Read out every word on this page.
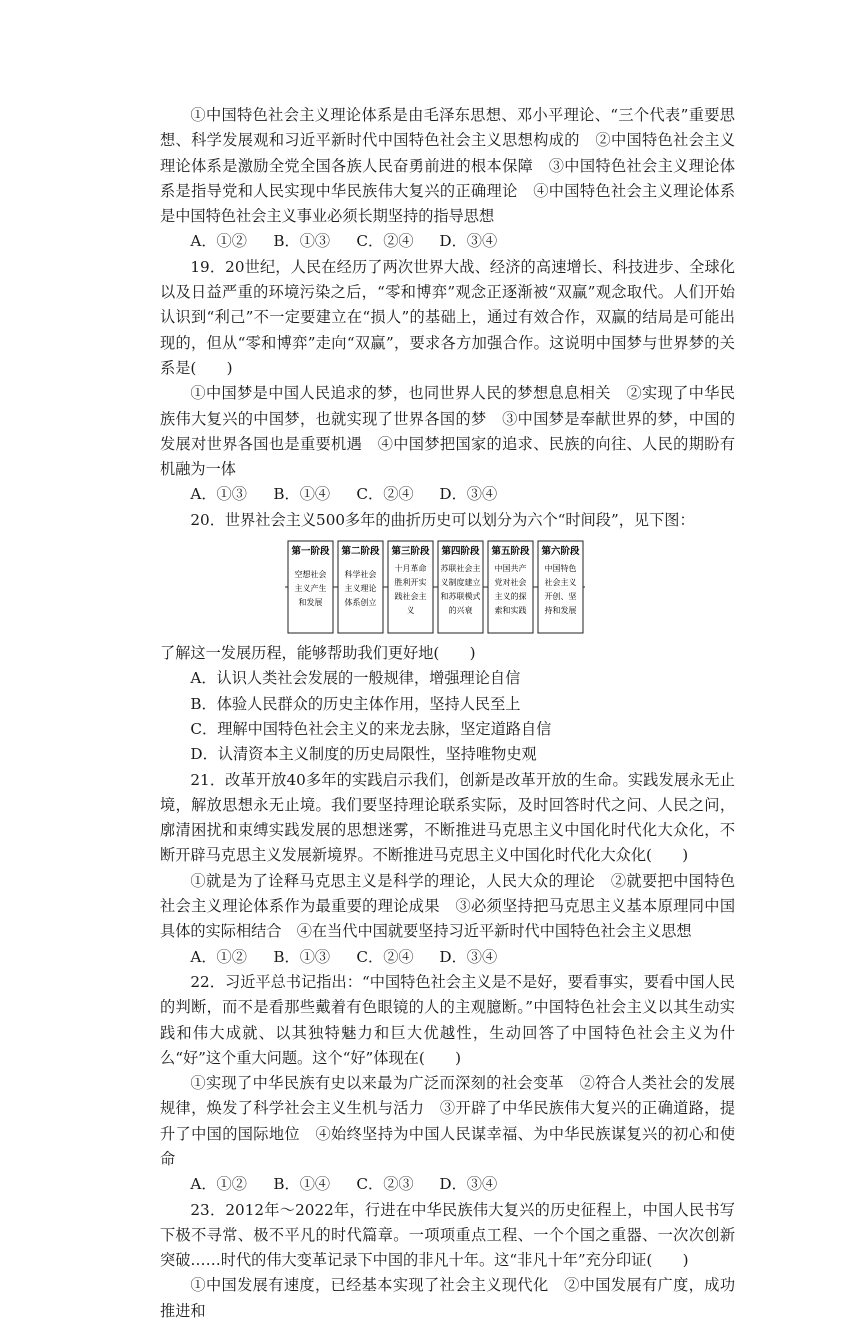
①中国特色社会主义理论体系是由毛泽东思想、邓小平理论、“三个代表”重要思想、科学发展观和习近平新时代中国特色社会主义思想构成的　②中国特色社会主义理论体系是激励全党全国各族人民奋勇前进的根本保障　③中国特色社会主义理论体系是指导党和人民实现中华民族伟大复兴的正确理论　④中国特色社会主义理论体系是中国特色社会主义事业必须长期坚持的指导思想

A．①②	B．①③	C．②④	D．③④

19．20世纪，人民在经历了两次世界大战、经济的高速增长、科技进步、全球化以及日益严重的环境污染之后，“零和博弈”观念正逐渐被“双赢”观念取代。人们开始认识到“利己”不一定要建立在“损人”的基础上，通过有效合作，双赢的结局是可能出现的，但从“零和博弈”走向“双赢”，要求各方加强合作。这说明中国梦与世界梦的关系是(　　)

①中国梦是中国人民追求的梦，也同世界人民的梦想息息相关　②实现了中华民族伟大复兴的中国梦，也就实现了世界各国的梦　③中国梦是奉献世界的梦，中国的发展对世界各国也是重要机遇　④中国梦把国家的追求、民族的向往、人民的期盼有机融为一体

A．①③	B．①④	C．②④	D．③④

20．世界社会主义500多年的曲折历史可以划分为六个“时间段”，见下图：

第一阶段
空想社会
主义产生
和发展
第二阶段
科学社会
主义理论
体系创立
第三阶段
十月革命
胜利开实
践社会主
义
第四阶段
苏联社会主
义制度建立
和苏联模式
的兴衰
第五阶段
中国共产
党对社会
主义的探
索和实践
第六阶段
中国特色
社会主义
开创、坚
持和发展

了解这一发展历程，能够帮助我们更好地(　　)

A．认识人类社会发展的一般规律，增强理论自信

B．体验人民群众的历史主体作用，坚持人民至上

C．理解中国特色社会主义的来龙去脉，坚定道路自信

D．认清资本主义制度的历史局限性，坚持唯物史观

21．改革开放40多年的实践启示我们，创新是改革开放的生命。实践发展永无止境，解放思想永无止境。我们要坚持理论联系实际，及时回答时代之问、人民之问，廓清困扰和束缚实践发展的思想迷雾，不断推进马克思主义中国化时代化大众化，不断开辟马克思主义发展新境界。不断推进马克思主义中国化时代化大众化(　　)

①就是为了诠释马克思主义是科学的理论，人民大众的理论　②就要把中国特色社会主义理论体系作为最重要的理论成果　③必须坚持把马克思主义基本原理同中国具体的实际相结合　④在当代中国就要坚持习近平新时代中国特色社会主义思想

A．①②	B．①③	C．②④	D．③④

22．习近平总书记指出：“中国特色社会主义是不是好，要看事实，要看中国人民的判断，而不是看那些戴着有色眼镜的人的主观臆断。”中国特色社会主义以其生动实践和伟大成就、以其独特魅力和巨大优越性，生动回答了中国特色社会主义为什么“好”这个重大问题。这个“好”体现在(　　)

①实现了中华民族有史以来最为广泛而深刻的社会变革　②符合人类社会的发展规律，焕发了科学社会主义生机与活力　③开辟了中华民族伟大复兴的正确道路，提升了中国的国际地位　④始终坚持为中国人民谋幸福、为中华民族谋复兴的初心和使命

A．①②	B．①④	C．②③	D．③④

23．2012年～2022年，行进在中华民族伟大复兴的历史征程上，中国人民书写下极不寻常、极不平凡的时代篇章。一项项重点工程、一个个国之重器、一次次创新突破……时代的伟大变革记录下中国的非凡十年。这“非凡十年”充分印证(　　)

①中国发展有速度，已经基本实现了社会主义现代化　②中国发展有广度，成功推进和
